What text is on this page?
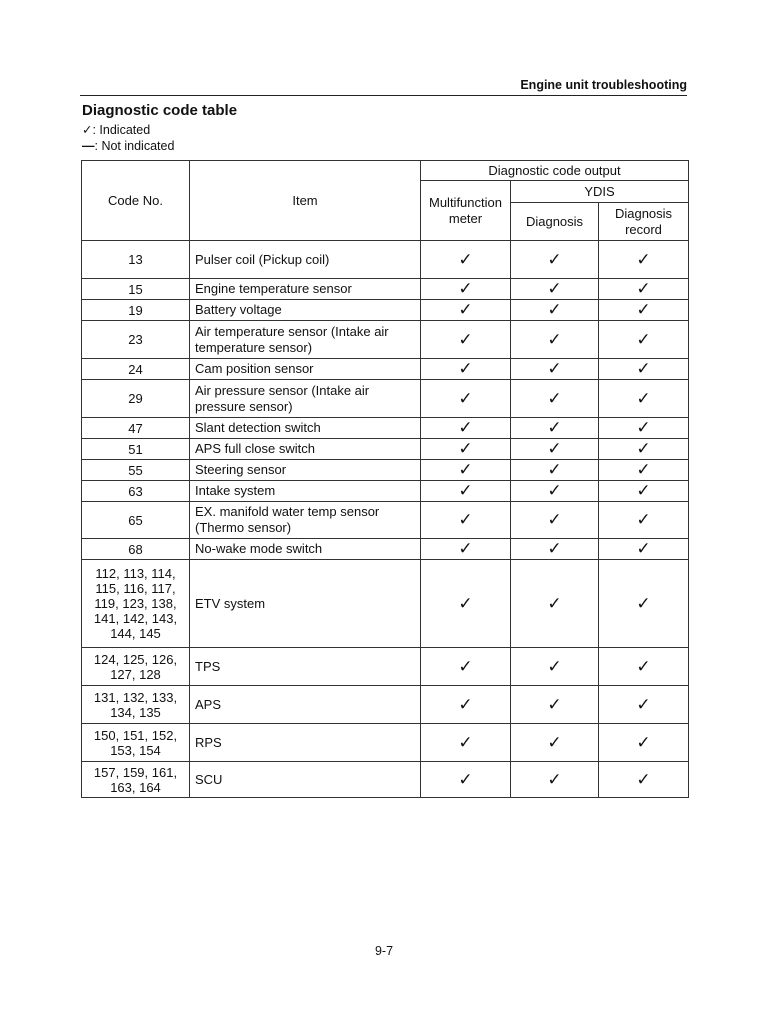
Engine unit troubleshooting
Diagnostic code table
✓: Indicated
—: Not indicated
Code No.	Item	Diagnostic code output		
		Multifunction meter	YDIS	
			Diagnosis	Diagnosis record
13	Pulser coil (Pickup coil)	✓	✓	✓
15	Engine temperature sensor	✓	✓	✓
19	Battery voltage	✓	✓	✓
23	Air temperature sensor (Intake air temperature sensor)	✓	✓	✓
24	Cam position sensor	✓	✓	✓
29	Air pressure sensor (Intake air pressure sensor)	✓	✓	✓
47	Slant detection switch	✓	✓	✓
51	APS full close switch	✓	✓	✓
55	Steering sensor	✓	✓	✓
63	Intake system	✓	✓	✓
65	EX. manifold water temp sensor (Thermo sensor)	✓	✓	✓
68	No-wake mode switch	✓	✓	✓
112, 113, 114, 115, 116, 117, 119, 123, 138, 141, 142, 143, 144, 145	ETV system	✓	✓	✓
124, 125, 126, 127, 128	TPS	✓	✓	✓
131, 132, 133, 134, 135	APS	✓	✓	✓
150, 151, 152, 153, 154	RPS	✓	✓	✓
157, 159, 161, 163, 164	SCU	✓	✓	✓
9-7
